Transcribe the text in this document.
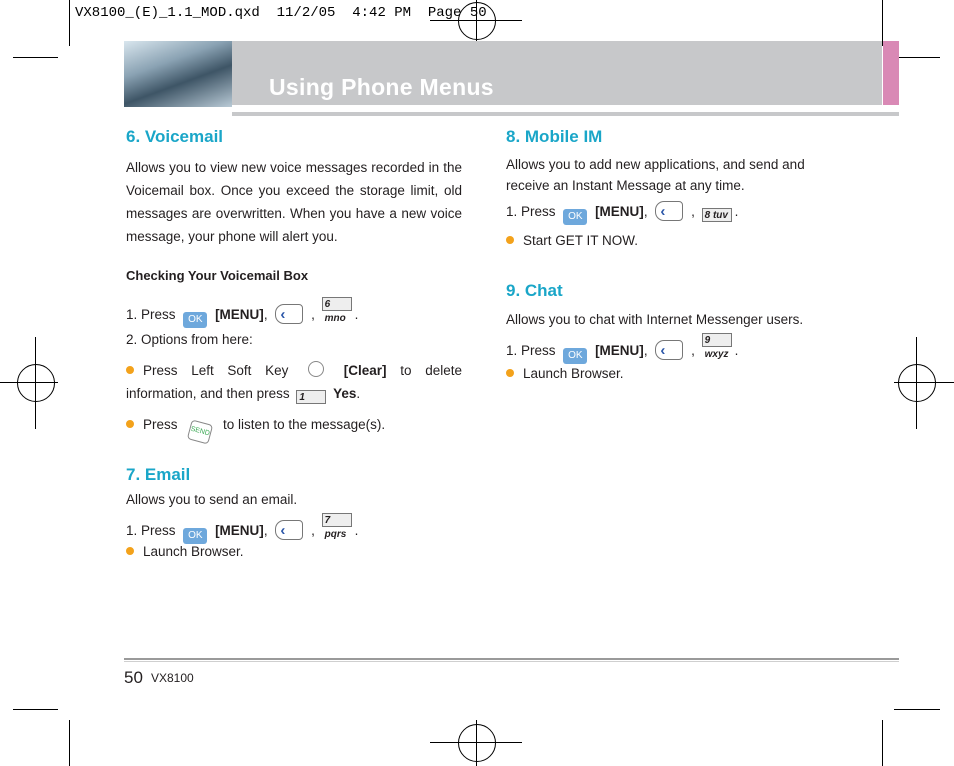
VX8100_(E)_1.1_MOD.qxd  11/2/05  4:42 PM  Page 50
Using Phone Menus
6. Voicemail
Allows you to view new voice messages recorded in the Voicemail box. Once you exceed the storage limit, old messages are overwritten. When you have a new voice message, your phone will alert you.
Checking Your Voicemail Box
1. Press OK [MENU], ‹	, 6 mno .
2. Options from here:
Press Left Soft Key	[Clear] to delete information, and then press 1 Yes.
Press SEND to listen to the message(s).
7. Email
Allows you to send an email.
1. Press OK [MENU], ‹	, 7 pqrs .
Launch Browser.
8. Mobile IM
Allows you to add new applications, and send and receive an Instant Message at any time.
1. Press OK [MENU], ‹	, 8 tuv .
Start GET IT NOW.
9. Chat
Allows you to chat with Internet Messenger users.
1. Press OK [MENU], ‹	, 9 wxyz .
Launch Browser.
50 VX8100
